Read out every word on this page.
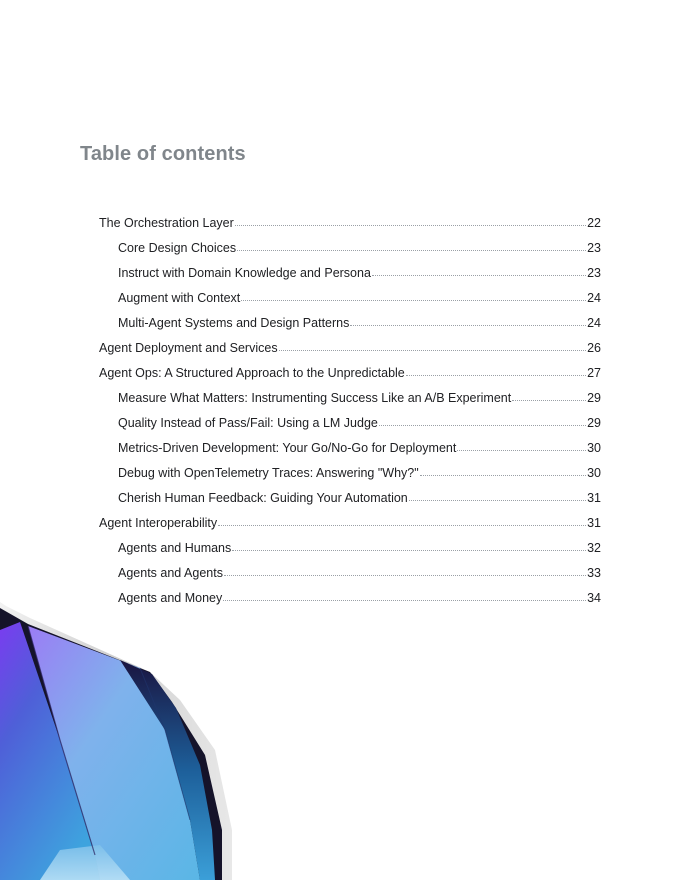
Table of contents
The Orchestration Layer	22
Core Design Choices	23
Instruct with Domain Knowledge and Persona	23
Augment with Context	24
Multi-Agent Systems and Design Patterns	24
Agent Deployment and Services	26
Agent Ops: A Structured Approach to the Unpredictable	27
Measure What Matters: Instrumenting Success Like an A/B Experiment	29
Quality Instead of Pass/Fail: Using a LM Judge	29
Metrics-Driven Development: Your Go/No-Go for Deployment	30
Debug with OpenTelemetry Traces: Answering "Why?"	30
Cherish Human Feedback: Guiding Your Automation	31
Agent Interoperability	31
Agents and Humans	32
Agents and Agents	33
Agents and Money	34
